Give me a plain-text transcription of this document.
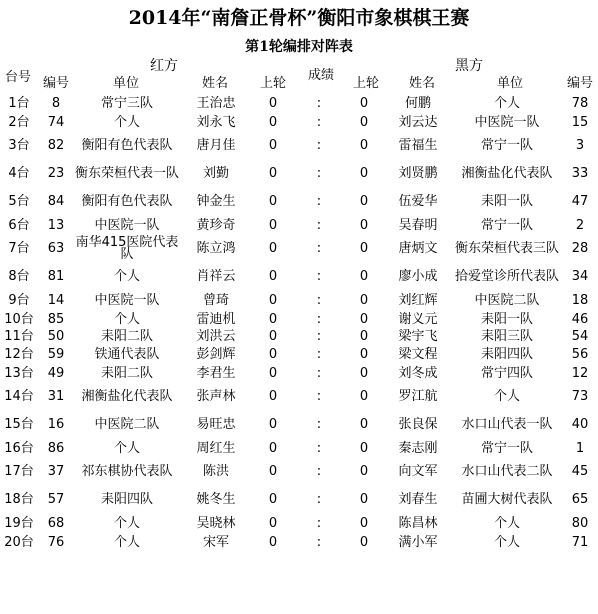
2014年“南詹正骨杯”衡阳市象棋棋王赛
第1轮编排对阵表
红方	黑方
台号 编号	单位	姓名	上轮
成绩
上轮	姓名	单位	编号
1台	8	常宁三队	王治忠	0	:	0	何鹏	个人	78
2台	74	个人	刘永飞	0	:	0	刘云达	中医院一队	15
3台	82	衡阳有色代表队	唐月佳	0	:	0	雷福生	常宁一队	3
4台	23	衡东荣桓代表一队	刘勤	0	:	0	刘贤鹏	湘衡盐化代表队	33
5台	84	衡阳有色代表队	钟金生	0	:	0	伍爱华	耒阳一队	47
6台	13	中医院一队	黄珍奇	0	:	0	吴春明	常宁一队	2
7台	63	南华415医院代表队	陈立鸿	0	:	0	唐炳文	衡东荣桓代表三队	28
8台	81	个人	肖祥云	0	:	0	廖小成	拾爱堂诊所代表队	34
9台	14	中医院一队	曾琦	0	:	0	刘红辉	中医院二队	18
10台	85	个人	雷迪机	0	:	0	谢义元	耒阳一队	46
11台	50	耒阳二队	刘洪云	0	:	0	梁宇飞	耒阳三队	54
12台	59	铁通代表队	彭剑辉	0	:	0	梁文程	耒阳四队	56
13台	49	耒阳二队	李君生	0	:	0	刘冬成	常宁四队	12
14台	31	湘衡盐化代表队	张声林	0	:	0	罗江航	个人	73
15台	16	中医院二队	易旺忠	0	:	0	张良保	水口山代表一队	40
16台	86	个人	周红生	0	:	0	秦志刚	常宁一队	1
17台	37	祁东棋协代表队	陈洪	0	:	0	向文军	水口山代表二队	45
18台	57	耒阳四队	姚冬生	0	:	0	刘春生	苗圃大树代表队	65
19台	68	个人	吴晓林	0	:	0	陈昌林	个人	80
20台	76	个人	宋军	0	:	0	满小军	个人	71
